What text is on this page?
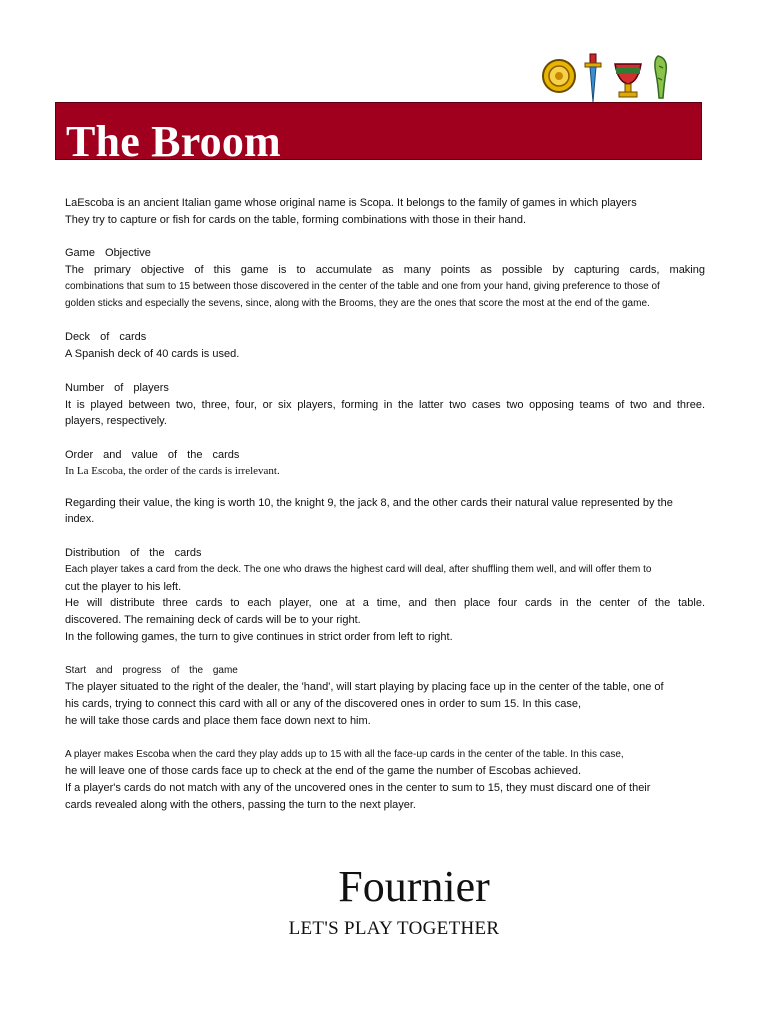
The Broom

LaEscoba is an ancient Italian game whose original name is Scopa. It belongs to the family of games in which players

They try to capture or fish for cards on the table, forming combinations with those in their hand.

Game Objective

The primary objective of this game is to accumulate as many points as possible by capturing cards, making

combinations that sum to 15 between those discovered in the center of the table and one from your hand, giving preference to those of

golden sticks and especially the sevens, since, along with the Brooms, they are the ones that score the most at the end of the game.

Deck of cards

A Spanish deck of 40 cards is used.

Number of players

It is played between two, three, four, or six players, forming in the latter two cases two opposing teams of two and three.

players, respectively.

Order and value of the cards

In La Escoba, the order of the cards is irrelevant.

Regarding their value, the king is worth 10, the knight 9, the jack 8, and the other cards their natural value represented by the index.

Distribution of the cards

Each player takes a card from the deck. The one who draws the highest card will deal, after shuffling them well, and will offer them to

cut the player to his left.

He will distribute three cards to each player, one at a time, and then place four cards in the center of the table.

discovered. The remaining deck of cards will be to your right.

In the following games, the turn to give continues in strict order from left to right.

Start and progress of the game

The player situated to the right of the dealer, the 'hand', will start playing by placing face up in the center of the table, one of

his cards, trying to connect this card with all or any of the discovered ones in order to sum 15. In this case,

he will take those cards and place them face down next to him.

A player makes Escoba when the card they play adds up to 15 with all the face-up cards in the center of the table. In this case,

he will leave one of those cards face up to check at the end of the game the number of Escobas achieved.

If a player's cards do not match with any of the uncovered ones in the center to sum to 15, they must discard one of their

cards revealed along with the others, passing the turn to the next player.

Fournier
LET'S PLAY TOGETHER
